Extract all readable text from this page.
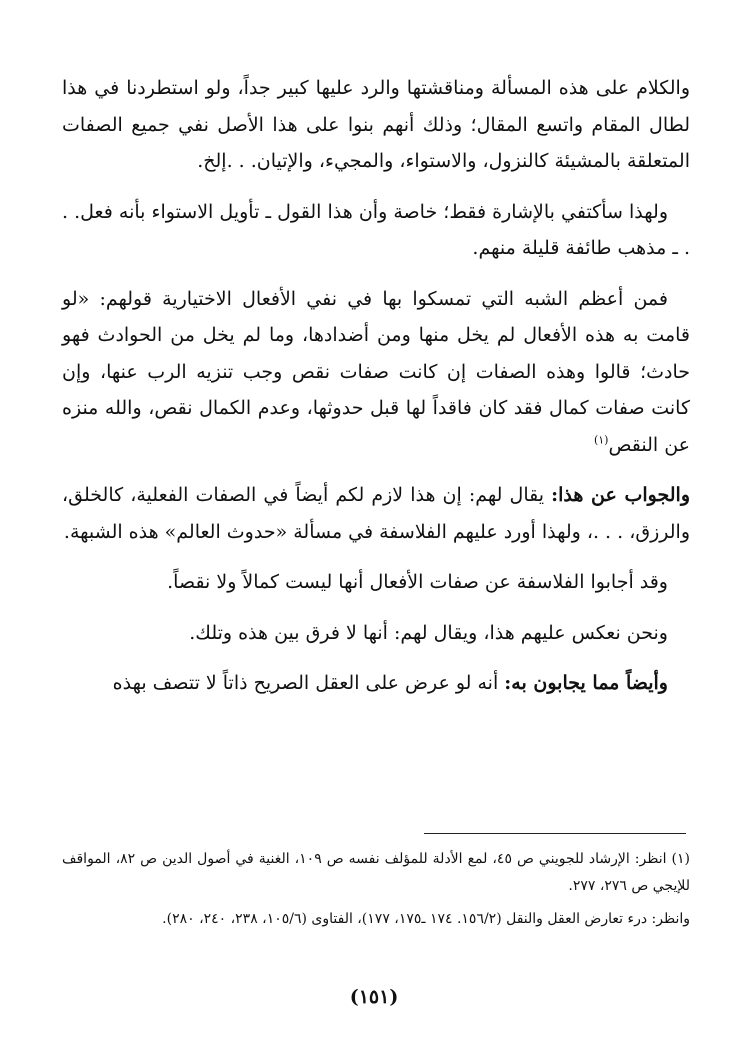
والكلام على هذه المسألة ومناقشتها والرد عليها كبير جداً، ولو استطردنا في هذا لطال المقام واتسع المقال؛ وذلك أنهم بنوا على هذا الأصل نفي جميع الصفات المتعلقة بالمشيئة كالنزول، والاستواء، والمجيء، والإتيان. . .إلخ.

ولهذا سأكتفي بالإشارة فقط؛ خاصة وأن هذا القول ـ تأويل الاستواء بأنه فعل. . . ـ مذهب طائفة قليلة منهم.

فمن أعظم الشبه التي تمسكوا بها في نفي الأفعال الاختيارية قولهم: «لو قامت به هذه الأفعال لم يخل منها ومن أضدادها، وما لم يخل من الحوادث فهو حادث؛ قالوا وهذه الصفات إن كانت صفات نقص وجب تنزيه الرب عنها، وإن كانت صفات كمال فقد كان فاقداً لها قبل حدوثها، وعدم الكمال نقص، والله منزه عن النقص$^{(١)}$

والجواب عن هذا: يقال لهم: إن هذا لازم لكم أيضاً في الصفات الفعلية، كالخلق، والرزق، . . .، ولهذا أورد عليهم الفلاسفة في مسألة «حدوث العالم» هذه الشبهة.

وقد أجابوا الفلاسفة عن صفات الأفعال أنها ليست كمالاً ولا نقصاً.

ونحن نعكس عليهم هذا، ويقال لهم: أنها لا فرق بين هذه وتلك.

وأيضاً مما يجابون به: أنه لو عرض على العقل الصريح ذاتاً لا تتصف بهذه

(١) انظر: الإرشاد للجويني ص ٤٥، لمع الأدلة للمؤلف نفسه ص ١٠٩، الغنية في أصول الدين ص ٨٢، المواقف للإيجي ص ٢٧٦، ٢٧٧.

وانظر: درء تعارض العقل والنقل (١٥٦/٢. ١٧٤ ـ١٧٥، ١٧٧)، الفتاوى (١٠٥/٦، ٢٣٨، ٢٤٠، ٢٨٠).

(١٥١)
